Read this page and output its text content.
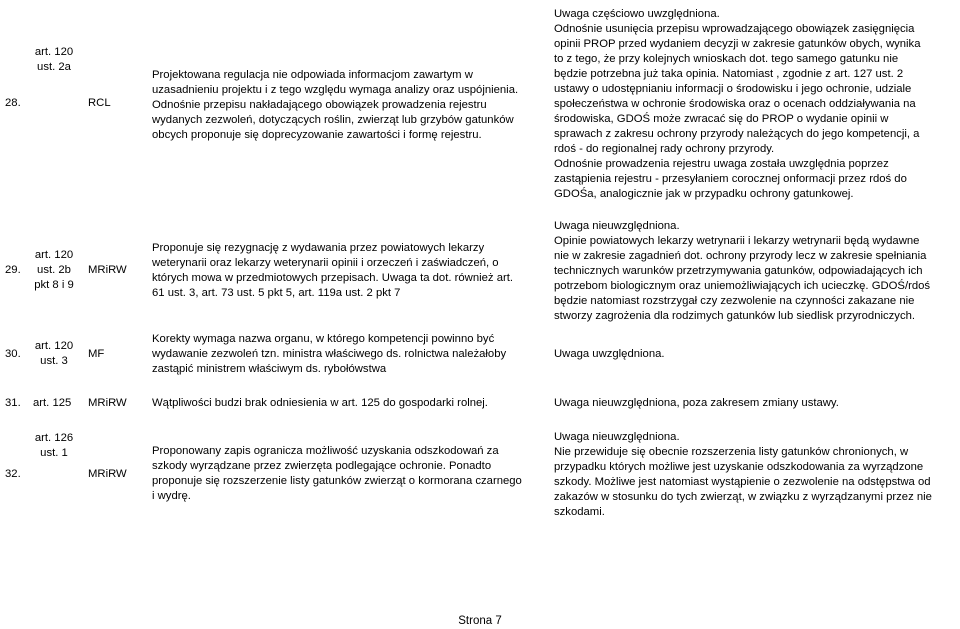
28.
art. 120
ust. 2a
RCL
Projektowana regulacja nie odpowiada informacjom zawartym w
uzasadnieniu projektu i z tego względu wymaga analizy oraz uspójnienia.
Odnośnie przepisu nakładającego obowiązek prowadzenia rejestru
wydanych zezwoleń, dotyczących roślin, zwierząt lub grzybów gatunków
obcych proponuje się doprecyzowanie zawartości i formę rejestru.
Uwaga częściowo uwzględniona.
Odnośnie usunięcia przepisu wprowadzającego obowiązek zasięgnięcia
opinii PROP przed wydaniem decyzji w zakresie gatunków obych, wynika
to z tego, że przy kolejnych wnioskach dot. tego samego gatunku nie
będzie potrzebna już taka opinia. Natomiast , zgodnie z art. 127 ust. 2
ustawy o udostępnianiu informacji o środowisku i jego ochronie, udziale
społeczeństwa w ochronie środowiska oraz o ocenach oddziaływania na
środowiska, GDOŚ może zwracać się do PROP o wydanie opinii w
sprawach z zakresu ochrony przyrody należących do jego kompetencji, a
rdoś - do regionalnej rady ochrony przyrody.
Odnośnie prowadzenia rejestru uwaga została uwzględnia poprzez
zastąpienia rejestru - przesyłaniem corocznej onformacji przez rdoś do
GDOŚa, analogicznie jak w przypadku ochrony gatunkowej.
29.
art. 120
ust. 2b
pkt 8 i 9
MRiRW
Proponuje się rezygnację z wydawania przez powiatowych lekarzy
weterynarii oraz lekarzy weterynarii opinii i orzeczeń i zaświadczeń, o
których mowa w przedmiotowych przepisach. Uwaga ta dot. również art.
61 ust. 3, art. 73 ust. 5 pkt 5, art. 119a ust. 2 pkt 7
Uwaga nieuwzględniona.
Opinie powiatowych lekarzy wetrynarii i lekarzy wetrynarii będą wydawne
nie w zakresie zagadnień dot. ochrony przyrody lecz w zakresie spełniania
technicznych warunków przetrzymywania gatunków, odpowiadających ich
potrzebom biologicznym oraz uniemożliwiających ich ucieczkę. GDOŚ/rdoś
będzie natomiast rozstrzygał czy zezwolenie na czynności zakazane nie
stworzy zagrożenia dla rodzimych gatunków lub siedlisk przyrodniczych.
30.
art. 120
ust. 3
MF
Korekty wymaga nazwa organu, w którego kompetencji powinno być
wydawanie zezwoleń tzn. ministra właściwego ds. rolnictwa należałoby
zastąpić ministrem właściwym ds. rybołówstwa
Uwaga uwzględniona.
31. art. 125 MRiRW Wątpliwości budzi brak odniesienia w art. 125 do gospodarki rolnej.	Uwaga nieuwzględniona, poza zakresem zmiany ustawy.
32.
art. 126
ust. 1
MRiRW
Proponowany zapis ogranicza możliwość uzyskania odszkodowań za
szkody wyrządzane przez zwierzęta podlegające ochronie. Ponadto
proponuje się rozszerzenie listy gatunków zwierząt o kormorana czarnego
i wydrę.
Uwaga nieuwzględniona.
Nie przewiduje się obecnie rozszerzenia listy gatunków chronionych, w
przypadku których możliwe jest uzyskanie odszkodowania za wyrządzone
szkody. Możliwe jest natomiast wystąpienie o zezwolenie na odstępstwa od
zakazów w stosunku do tych zwierząt, w związku z wyrządzanymi przez nie
szkodami.
Strona 7
